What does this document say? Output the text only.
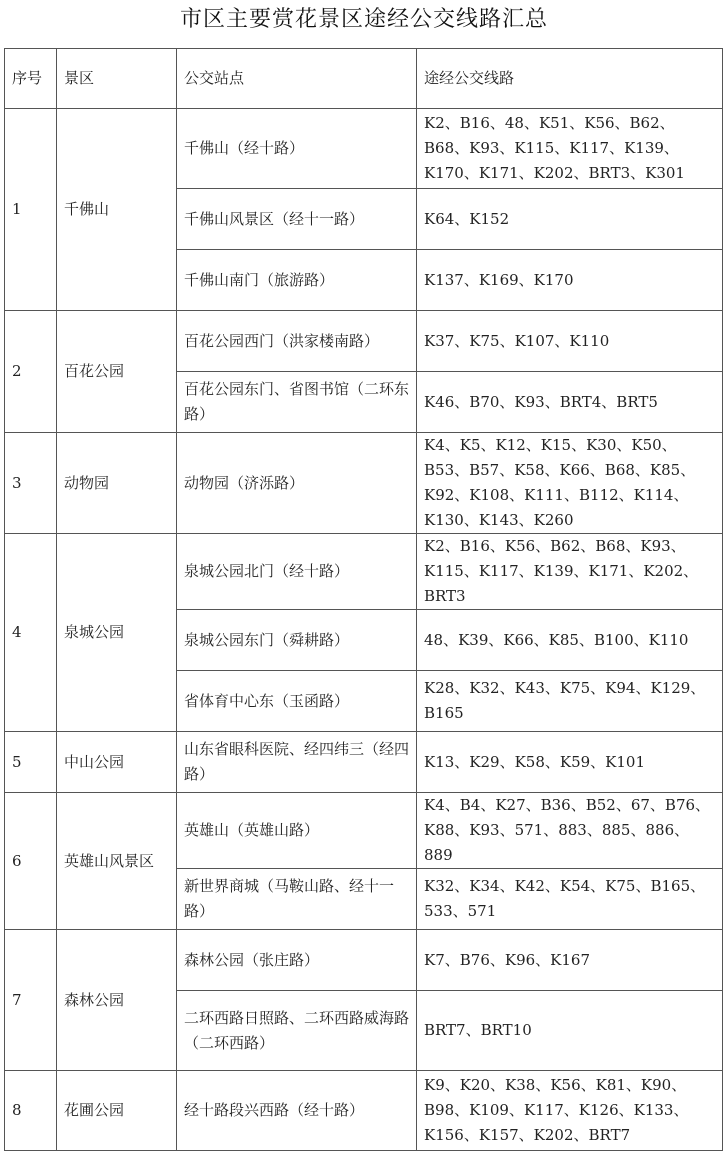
市区主要赏花景区途经公交线路汇总
序号	景区	公交站点	途经公交线路
1	千佛山	千佛山（经十路）	K2、B16、48、K51、K56、B62、B68、K93、K115、K117、K139、K170、K171、K202、BRT3、K301
		千佛山风景区（经十一路）	K64、K152
		千佛山南门（旅游路）	K137、K169、K170
2	百花公园	百花公园西门（洪家楼南路）	K37、K75、K107、K110
		百花公园东门、省图书馆（二环东路）	K46、B70、K93、BRT4、BRT5
3	动物园	动物园（济泺路）	K4、K5、K12、K15、K30、K50、B53、B57、K58、K66、B68、K85、K92、K108、K111、B112、K114、K130、K143、K260
4	泉城公园	泉城公园北门（经十路）	K2、B16、K56、B62、B68、K93、K115、K117、K139、K171、K202、BRT3
		泉城公园东门（舜耕路）	48、K39、K66、K85、B100、K110
		省体育中心东（玉函路）	K28、K32、K43、K75、K94、K129、B165
5	中山公园	山东省眼科医院、经四纬三（经四路）	K13、K29、K58、K59、K101
6	英雄山风景区	英雄山（英雄山路）	K4、B4、K27、B36、B52、67、B76、K88、K93、571、883、885、886、889
		新世界商城（马鞍山路、经十一路）	K32、K34、K42、K54、K75、B165、533、571
7	森林公园	森林公园（张庄路）	K7、B76、K96、K167
		二环西路日照路、二环西路威海路（二环西路）	BRT7、BRT10
8	花圃公园	经十路段兴西路（经十路）	K9、K20、K38、K56、K81、K90、B98、K109、K117、K126、K133、K156、K157、K202、BRT7
